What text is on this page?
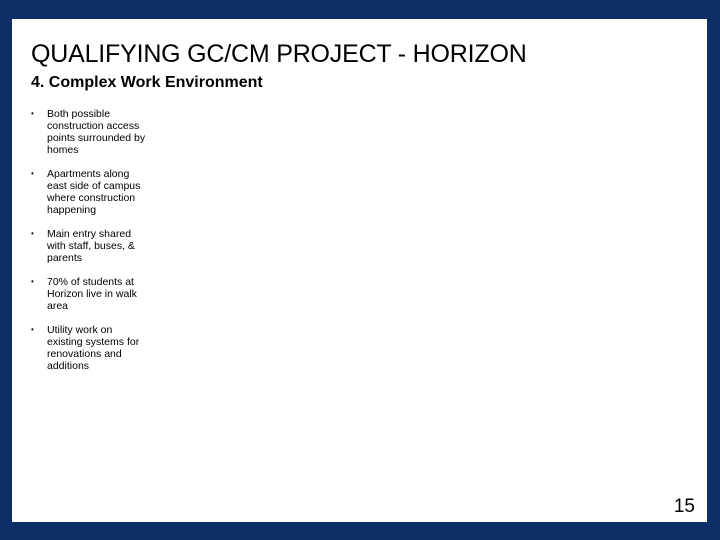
QUALIFYING GC/CM PROJECT - HORIZON
4. Complex Work Environment
• Both possible construction access points surrounded by homes
• Apartments along east side of campus where construction happening
• Main entry shared with staff, buses, & parents
• 70% of students at Horizon live in walk area
• Utility work on existing systems for renovations and additions
15
